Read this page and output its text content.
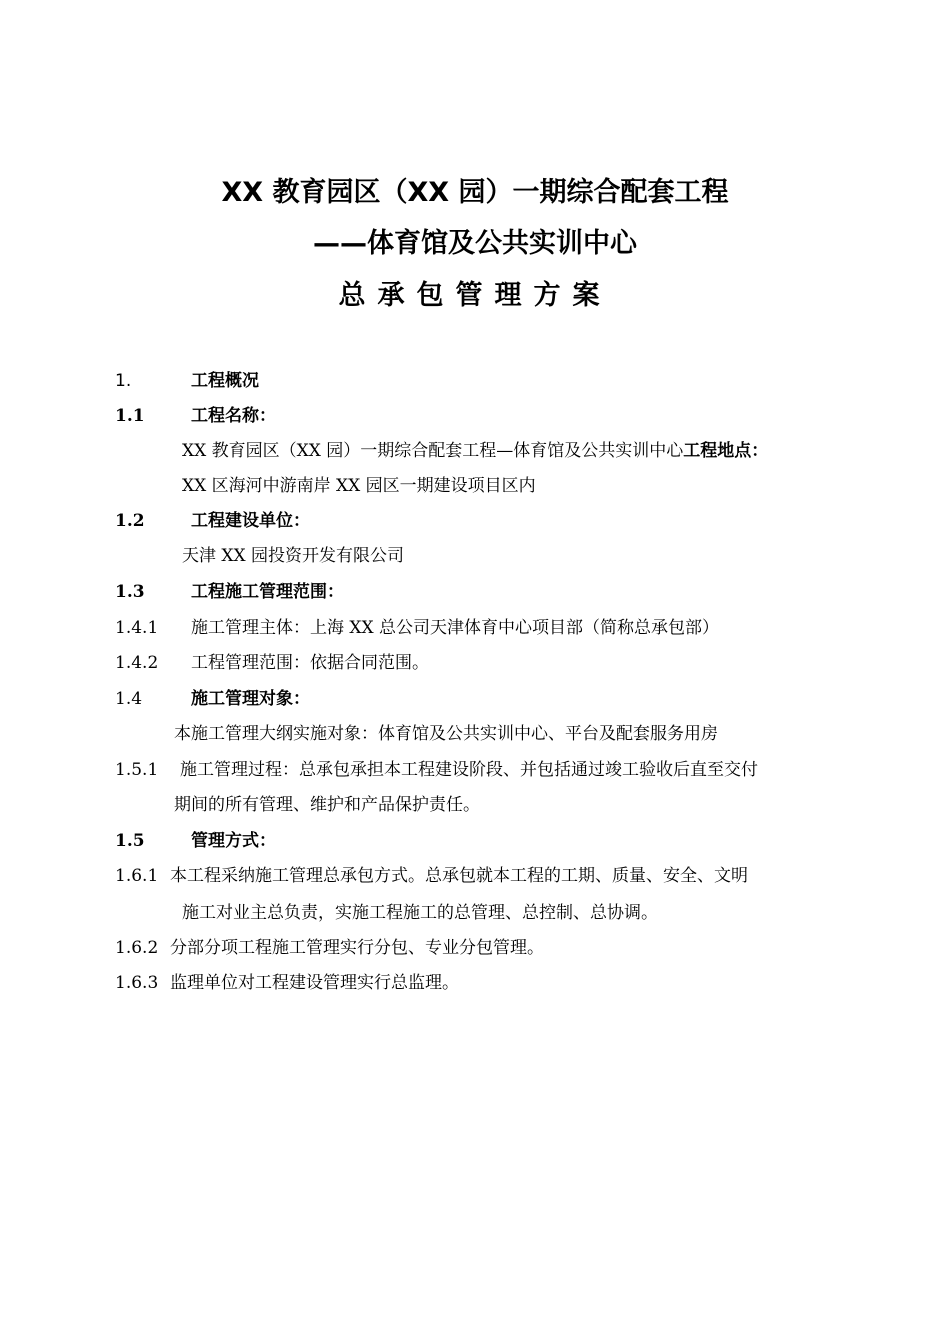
XX 教育园区（XX 园）一期综合配套工程
——体育馆及公共实训中心
总承包管理方案
1.	工程概况
1.1	工程名称：
XX 教育园区（XX 园）一期综合配套工程—体育馆及公共实训中心工程地点：
XX 区海河中游南岸 XX 园区一期建设项目区内
1.2	工程建设单位：
天津 XX 园投资开发有限公司
1.3	工程施工管理范围：
1.4.1 施工管理主体：上海 XX 总公司天津体育中心项目部（简称总承包部）
1.4.2 工程管理范围：依据合同范围。
1.4	施工管理对象：
本施工管理大纲实施对象：体育馆及公共实训中心、平台及配套服务用房
1.5.1 施工管理过程：总承包承担本工程建设阶段、并包括通过竣工验收后直至交付
期间的所有管理、维护和产品保护责任。
1.5	管理方式：
1.6.1 本工程采纳施工管理总承包方式。总承包就本工程的工期、质量、安全、文明
施工对业主总负责，实施工程施工的总管理、总控制、总协调。
1.6.2 分部分项工程施工管理实行分包、专业分包管理。
1.6.3 监理单位对工程建设管理实行总监理。
